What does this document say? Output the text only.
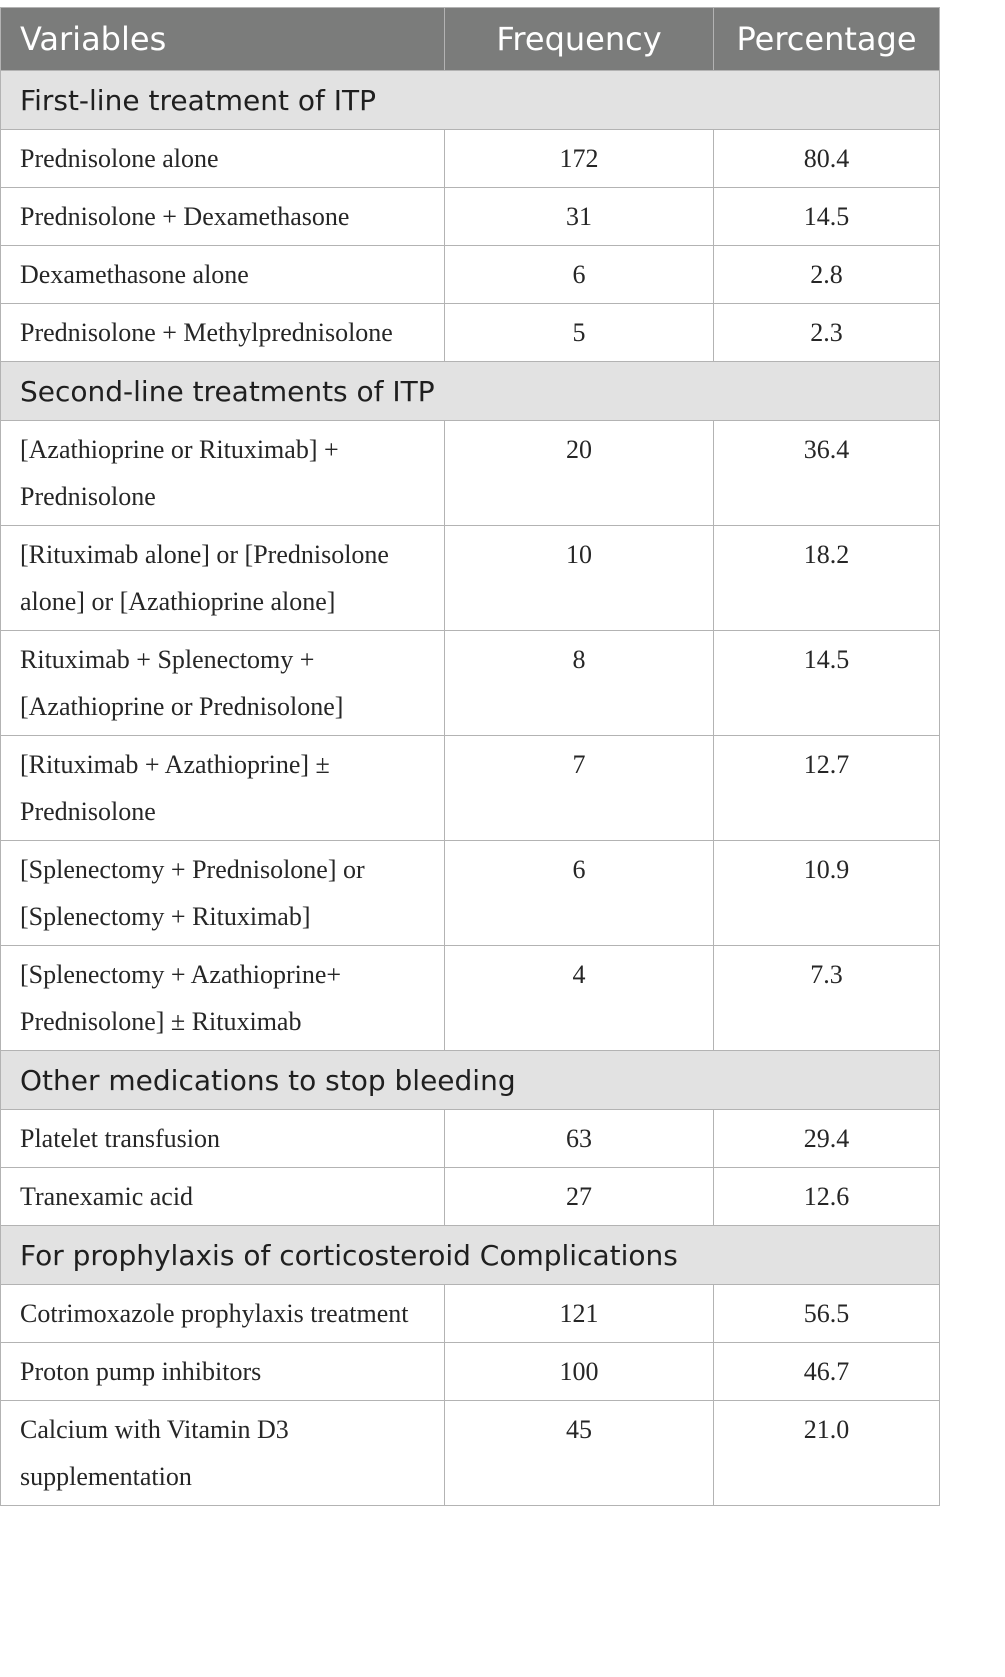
Variables	Frequency	Percentage
First-line treatment of ITP		
Prednisolone alone	172	80.4
Prednisolone + Dexamethasone	31	14.5
Dexamethasone alone	6	2.8
Prednisolone + Methylprednisolone	5	2.3
Second-line treatments of ITP		
[Azathioprine or Rituximab] + Prednisolone	20	36.4
[Rituximab alone] or [Prednisolone alone] or [Azathioprine alone]	10	18.2
Rituximab + Splenectomy + [Azathioprine or Prednisolone]	8	14.5
[Rituximab + Azathioprine] ± Prednisolone	7	12.7
[Splenectomy + Prednisolone] or [Splenectomy + Rituximab]	6	10.9
[Splenectomy + Azathioprine+ Prednisolone] ± Rituximab	4	7.3
Other medications to stop bleeding		
Platelet transfusion	63	29.4
Tranexamic acid	27	12.6
For prophylaxis of corticosteroid Complications		
Cotrimoxazole prophylaxis treatment	121	56.5
Proton pump inhibitors	100	46.7
Calcium with Vitamin D3 supplementation	45	21.0
